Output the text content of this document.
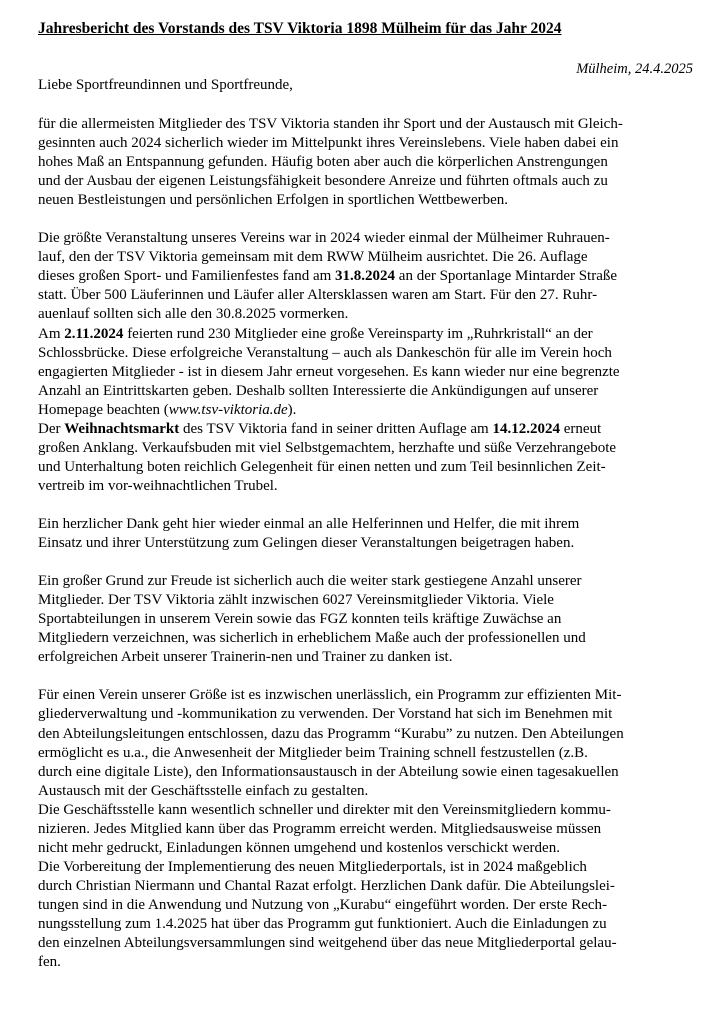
Jahresbericht des Vorstands des TSV Viktoria 1898 Mülheim für das Jahr 2024
Mülheim, 24.4.2025
Liebe Sportfreundinnen und Sportfreunde,
für die allermeisten Mitglieder des TSV Viktoria standen ihr Sport und der Austausch mit Gleich-
gesinnten auch 2024 sicherlich wieder im Mittelpunkt ihres Vereinslebens. Viele haben dabei ein
hohes Maß an Entspannung gefunden. Häufig boten aber auch die körperlichen Anstrengungen
und der Ausbau der eigenen Leistungsfähigkeit besondere Anreize und führten oftmals auch zu
neuen Bestleistungen und persönlichen Erfolgen in sportlichen Wettbewerben.
Die größte Veranstaltung unseres Vereins war in 2024 wieder einmal der Mülheimer Ruhrauen-
lauf, den der TSV Viktoria gemeinsam mit dem RWW Mülheim ausrichtet. Die 26. Auflage
dieses großen Sport- und Familienfestes fand am 31.8.2024 an der Sportanlage Mintarder Straße
statt. Über 500 Läuferinnen und Läufer aller Altersklassen waren am Start. Für den 27. Ruhr-
auenlauf sollten sich alle den 30.8.2025 vormerken.
Am 2.11.2024 feierten rund 230 Mitglieder eine große Vereinsparty im „Ruhrkristall“ an der
Schlossbrücke. Diese erfolgreiche Veranstaltung – auch als Dankeschön für alle im Verein hoch
engagierten Mitglieder - ist in diesem Jahr erneut vorgesehen. Es kann wieder nur eine begrenzte
Anzahl an Eintrittskarten geben. Deshalb sollten Interessierte die Ankündigungen auf unserer
Homepage beachten (www.tsv-viktoria.de).
Der Weihnachtsmarkt des TSV Viktoria fand in seiner dritten Auflage am 14.12.2024 erneut
großen Anklang. Verkaufsbuden mit viel Selbstgemachtem, herzhafte und süße Verzehrangebote
und Unterhaltung boten reichlich Gelegenheit für einen netten und zum Teil besinnlichen Zeit-
vertreib im vor-weihnachtlichen Trubel.
Ein herzlicher Dank geht hier wieder einmal an alle Helferinnen und Helfer, die mit ihrem
Einsatz und ihrer Unterstützung zum Gelingen dieser Veranstaltungen beigetragen haben.
Ein großer Grund zur Freude ist sicherlich auch die weiter stark gestiegene Anzahl unserer
Mitglieder. Der TSV Viktoria zählt inzwischen 6027 Vereinsmitglieder Viktoria. Viele
Sportabteilungen in unserem Verein sowie das FGZ konnten teils kräftige Zuwächse an
Mitgliedern verzeichnen, was sicherlich in erheblichem Maße auch der professionellen und
erfolgreichen Arbeit unserer Trainerin-nen und Trainer zu danken ist.
Für einen Verein unserer Größe ist es inzwischen unerlässlich, ein Programm zur effizienten Mit-
gliederverwaltung und -kommunikation zu verwenden. Der Vorstand hat sich im Benehmen mit
den Abteilungsleitungen entschlossen, dazu das Programm “Kurabu” zu nutzen. Den Abteilungen
ermöglicht es u.a., die Anwesenheit der Mitglieder beim Training schnell festzustellen (z.B.
durch eine digitale Liste), den Informationsaustausch in der Abteilung sowie einen tagesakuellen
Austausch mit der Geschäftsstelle einfach zu gestalten.
Die Geschäftsstelle kann wesentlich schneller und direkter mit den Vereinsmitgliedern kommu-
nizieren. Jedes Mitglied kann über das Programm erreicht werden. Mitgliedsausweise müssen
nicht mehr gedruckt, Einladungen können umgehend und kostenlos verschickt werden.
Die Vorbereitung der Implementierung des neuen Mitgliederportals, ist in 2024 maßgeblich
durch Christian Niermann und Chantal Razat erfolgt. Herzlichen Dank dafür. Die Abteilungslei-
tungen sind in die Anwendung und Nutzung von „Kurabu“ eingeführt worden. Der erste Rech-
nungsstellung zum 1.4.2025 hat über das Programm gut funktioniert. Auch die Einladungen zu
den einzelnen Abteilungsversammlungen sind weitgehend über das neue Mitgliederportal gelau-
fen.
